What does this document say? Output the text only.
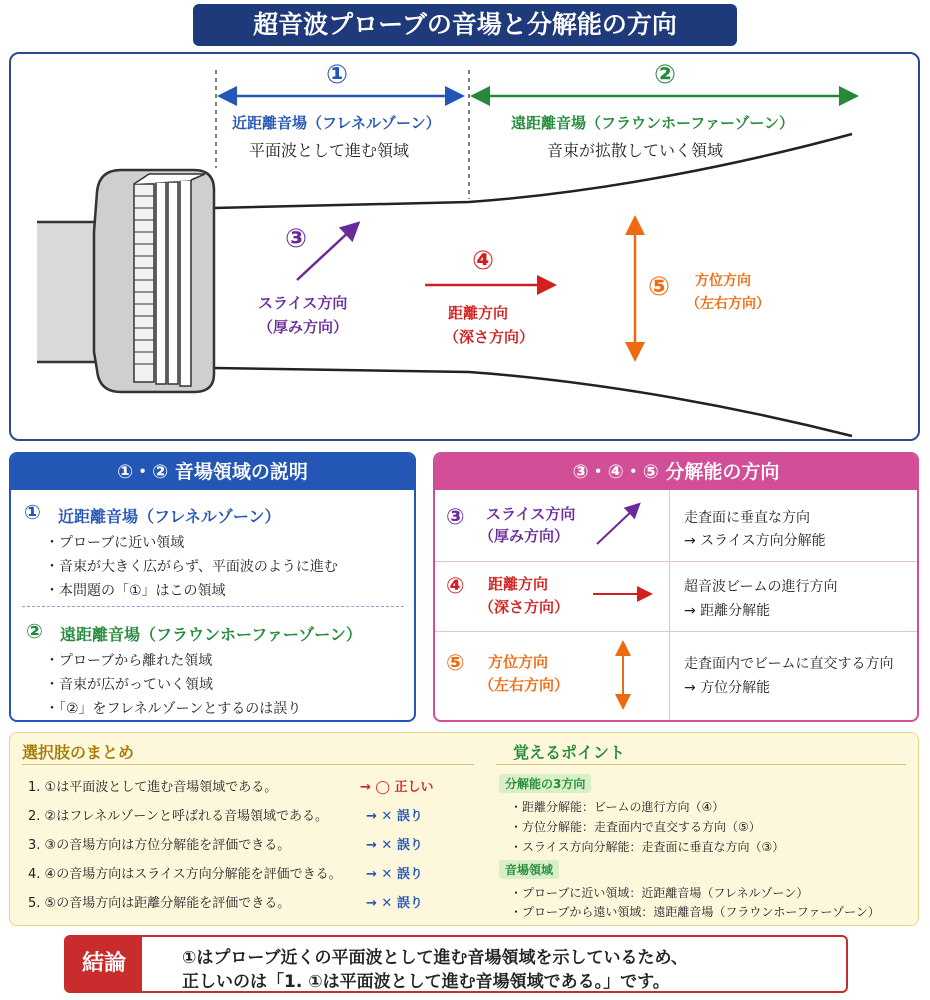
超音波プローブの音場と分解能の方向
①	②
近距離音場（フレネルゾーン）
平面波として進む領域
遠距離音場（フラウンホーファーゾーン）
音束が拡散していく領域
③
スライス方向
（厚み方向）
④
距離方向
（深さ方向）
⑤ 方位方向
（左右方向）
①・② 音場領域の説明
① 近距離音場（フレネルゾーン）
・プローブに近い領域
・音束が大きく広がらず、平面波のように進む
・本問題の「①」はこの領域
② 遠距離音場（フラウンホーファーゾーン）
・プローブから離れた領域
・音束が広がっていく領域
・「②」をフレネルゾーンとするのは誤り
③・④・⑤ 分解能の方向
③ スライス方向
（厚み方向）
走査面に垂直な方向
→ スライス方向分解能
④ 距離方向
（深さ方向）
超音波ビームの進行方向
→ 距離分解能
⑤ 方位方向
（左右方向）
走査面内でビームに直交する方向
→ 方位分解能
選択肢のまとめ
1. ①は平面波として進む音場領域である。	→ ◯ 正しい
2. ②はフレネルゾーンと呼ばれる音場領域である。	→ ✕ 誤り
3. ③の音場方向は方位分解能を評価できる。	→ ✕ 誤り
4. ④の音場方向はスライス方向分解能を評価できる。 → ✕ 誤り
5. ⑤の音場方向は距離分解能を評価できる。	→ ✕ 誤り
覚えるポイント
分解能の3方向
・距離分解能：ビームの進行方向（④）
・方位分解能：走査面内で直交する方向（⑤）
・スライス方向分解能：走査面に垂直な方向（③）
音場領域
・プローブに近い領域：近距離音場（フレネルゾーン）
・プローブから遠い領域：遠距離音場（フラウンホーファーゾーン）
結論	①はプローブ近くの平面波として進む音場領域を示しているため、
正しいのは「1. ①は平面波として進む音場領域である。」です。
